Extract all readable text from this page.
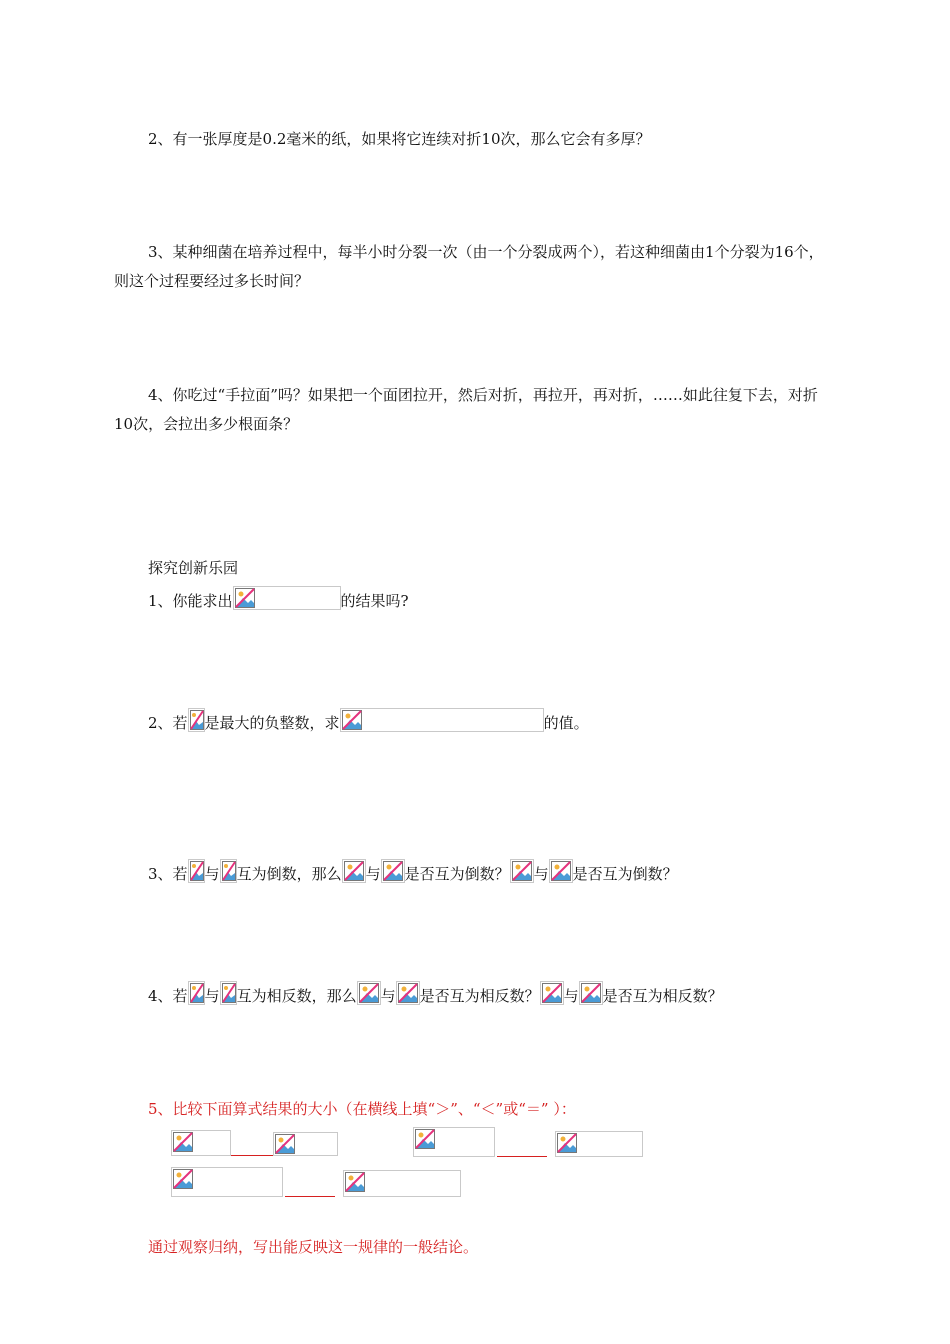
2、有一张厚度是0.2毫米的纸，如果将它连续对折10次，那么它会有多厚？
3、某种细菌在培养过程中，每半小时分裂一次（由一个分裂成两个），若这种细菌由1个分裂为16个，
则这个过程要经过多长时间？
4、你吃过“手拉面”吗？如果把一个面团拉开，然后对折，再拉开，再对折，……如此往复下去，对折
10次，会拉出多少根面条？
探究创新乐园
1、你能求出	的结果吗?
2、若 是最大的负整数，求	的值。
3、若 与 互为倒数，那么 与 是否互为倒数？ 与 是否互为倒数？
4、若 与 互为相反数，那么 与 是否互为相反数？ 与 是否互为相反数？
5、比较下面算式结果的大小（在横线上填“＞”、“＜”或“＝” ）：
通过观察归纳，写出能反映这一规律的一般结论。
